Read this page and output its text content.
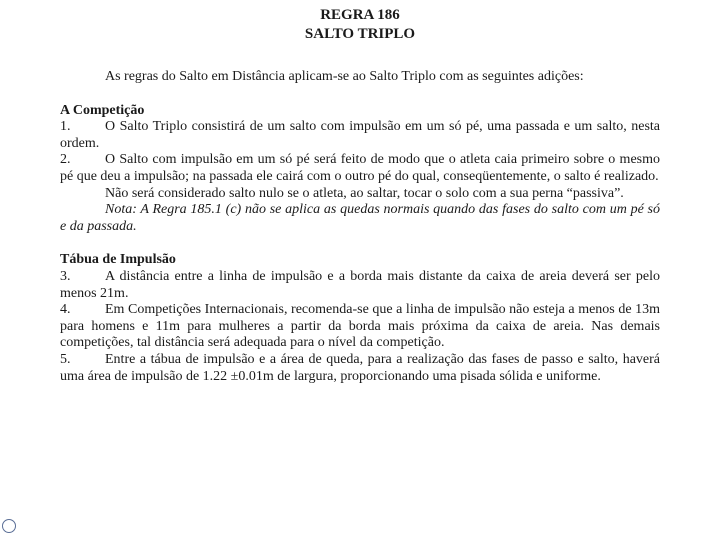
REGRA 186

SALTO TRIPLO

As regras do Salto em Distância aplicam-se ao Salto Triplo com as seguintes adições:

A Competição

1. O Salto Triplo consistirá de um salto com impulsão em um só pé, uma passada e um salto, nesta ordem.

2. O Salto com impulsão em um só pé será feito de modo que o atleta caia primeiro sobre o mesmo pé que deu a impulsão; na passada ele cairá com o outro pé do qual, conseqüentemente, o salto é realizado.

Não será considerado salto nulo se o atleta, ao saltar, tocar o solo com a sua perna “passiva”.

Nota: A Regra 185.1 (c) não se aplica as quedas normais quando das fases do salto com um pé só e da passada.

Tábua de Impulsão

3. A distância entre a linha de impulsão e a borda mais distante da caixa de areia deverá ser pelo menos 21m.

4. Em Competições Internacionais, recomenda-se que a linha de impulsão não esteja a menos de 13m para homens e 11m para mulheres a partir da borda mais próxima da caixa de areia. Nas demais competições, tal distância será adequada para o nível da competição.

5. Entre a tábua de impulsão e a área de queda, para a realização das fases de passo e salto, haverá uma área de impulsão de 1.22 ±0.01m de largura, proporcionando uma pisada sólida e uniforme.
